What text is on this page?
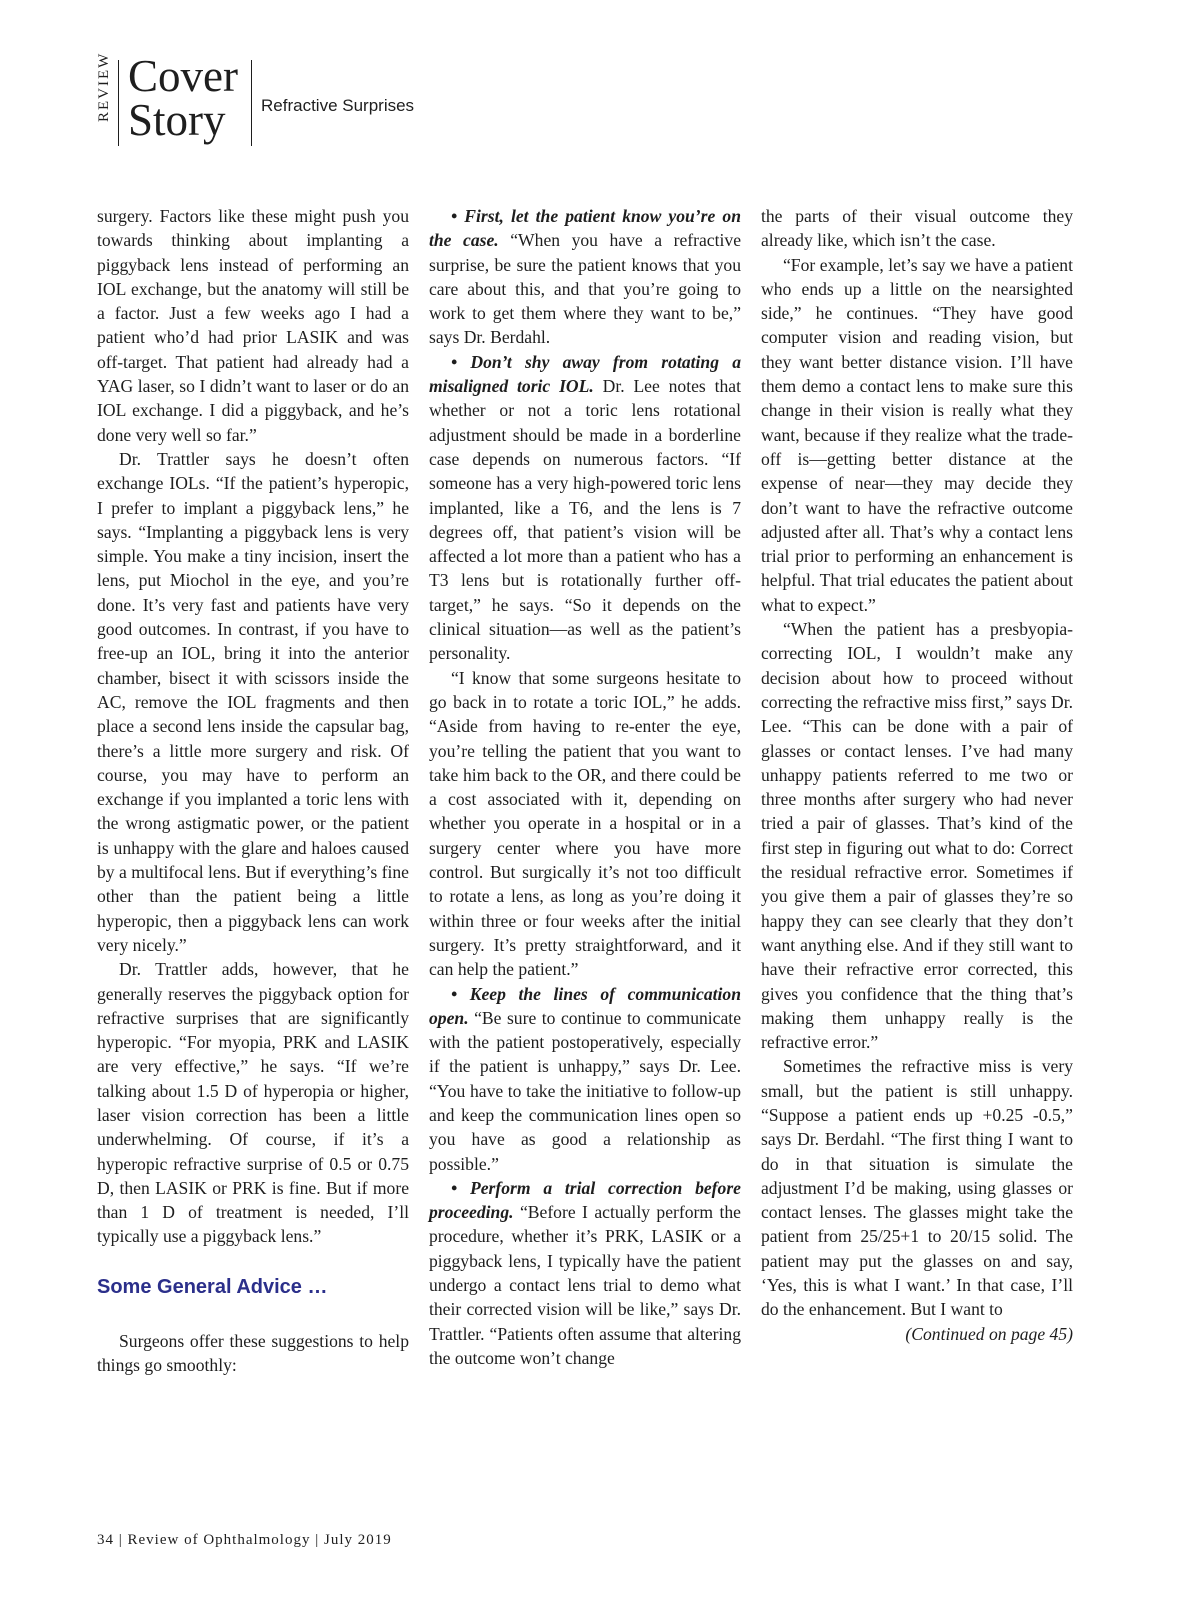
REVIEW Cover
Story	Refractive Surprises

surgery. Factors like these might push you towards thinking about implanting a piggyback lens instead of performing an IOL exchange, but the anatomy will still be a factor. Just a few weeks ago I had a patient who’d had prior LASIK and was off-target. That patient had already had a YAG laser, so I didn’t want to laser or do an IOL exchange. I did a piggyback, and he’s done very well so far.”

Dr. Trattler says he doesn’t often exchange IOLs. “If the patient’s hyperopic, I prefer to implant a piggyback lens,” he says. “Implanting a piggyback lens is very simple. You make a tiny incision, insert the lens, put Miochol in the eye, and you’re done. It’s very fast and patients have very good outcomes. In contrast, if you have to free-up an IOL, bring it into the anterior chamber, bisect it with scissors inside the AC, remove the IOL fragments and then place a second lens inside the capsular bag, there’s a little more surgery and risk. Of course, you may have to perform an exchange if you implanted a toric lens with the wrong astigmatic power, or the patient is unhappy with the glare and haloes caused by a multifocal lens. But if everything’s fine other than the patient being a little hyperopic, then a piggyback lens can work very nicely.”

Dr. Trattler adds, however, that he generally reserves the piggyback option for refractive surprises that are significantly hyperopic. “For myopia, PRK and LASIK are very effective,” he says. “If we’re talking about 1.5 D of hyperopia or higher, laser vision correction has been a little underwhelming. Of course, if it’s a hyperopic refractive surprise of 0.5 or 0.75 D, then LASIK or PRK is fine. But if more than 1 D of treatment is needed, I’ll typically use a piggyback lens.”

Some General Advice …

Surgeons offer these suggestions to help things go smoothly:

• First, let the patient know you’re on the case. “When you have a refractive surprise, be sure the patient knows that you care about this, and that you’re going to work to get them where they want to be,” says Dr. Berdahl.

• Don’t shy away from rotating a misaligned toric IOL. Dr. Lee notes that whether or not a toric lens rotational adjustment should be made in a borderline case depends on numerous factors. “If someone has a very high-powered toric lens implanted, like a T6, and the lens is 7 degrees off, that patient’s vision will be affected a lot more than a patient who has a T3 lens but is rotationally further off-target,” he says. “So it depends on the clinical situation—as well as the patient’s personality.

“I know that some surgeons hesitate to go back in to rotate a toric IOL,” he adds. “Aside from having to re-enter the eye, you’re telling the patient that you want to take him back to the OR, and there could be a cost associated with it, depending on whether you operate in a hospital or in a surgery center where you have more control. But surgically it’s not too difficult to rotate a lens, as long as you’re doing it within three or four weeks after the initial surgery. It’s pretty straightforward, and it can help the patient.”

• Keep the lines of communication open. “Be sure to continue to communicate with the patient postoperatively, especially if the patient is unhappy,” says Dr. Lee. “You have to take the initiative to follow-up and keep the communication lines open so you have as good a relationship as possible.”

• Perform a trial correction before proceeding. “Before I actually perform the procedure, whether it’s PRK, LASIK or a piggyback lens, I typically have the patient undergo a contact lens trial to demo what their corrected vision will be like,” says Dr. Trattler. “Patients often assume that altering the outcome won’t change

the parts of their visual outcome they already like, which isn’t the case.

“For example, let’s say we have a patient who ends up a little on the nearsighted side,” he continues. “They have good computer vision and reading vision, but they want better distance vision. I’ll have them demo a contact lens to make sure this change in their vision is really what they want, because if they realize what the trade-off is—getting better distance at the expense of near—they may decide they don’t want to have the refractive outcome adjusted after all. That’s why a contact lens trial prior to performing an enhancement is helpful. That trial educates the patient about what to expect.”

“When the patient has a presbyopia-correcting IOL, I wouldn’t make any decision about how to proceed without correcting the refractive miss first,” says Dr. Lee. “This can be done with a pair of glasses or contact lenses. I’ve had many unhappy patients referred to me two or three months after surgery who had never tried a pair of glasses. That’s kind of the first step in figuring out what to do: Correct the residual refractive error. Sometimes if you give them a pair of glasses they’re so happy they can see clearly that they don’t want anything else. And if they still want to have their refractive error corrected, this gives you confidence that the thing that’s making them unhappy really is the refractive error.”

Sometimes the refractive miss is very small, but the patient is still unhappy. “Suppose a patient ends up +0.25 -0.5,” says Dr. Berdahl. “The first thing I want to do in that situation is simulate the adjustment I’d be making, using glasses or contact lenses. The glasses might take the patient from 25/25+1 to 20/15 solid. The patient may put the glasses on and say, ‘Yes, this is what I want.’ In that case, I’ll do the enhancement. But I want to

(Continued on page 45)

34 | Review of Ophthalmology | July 2019
